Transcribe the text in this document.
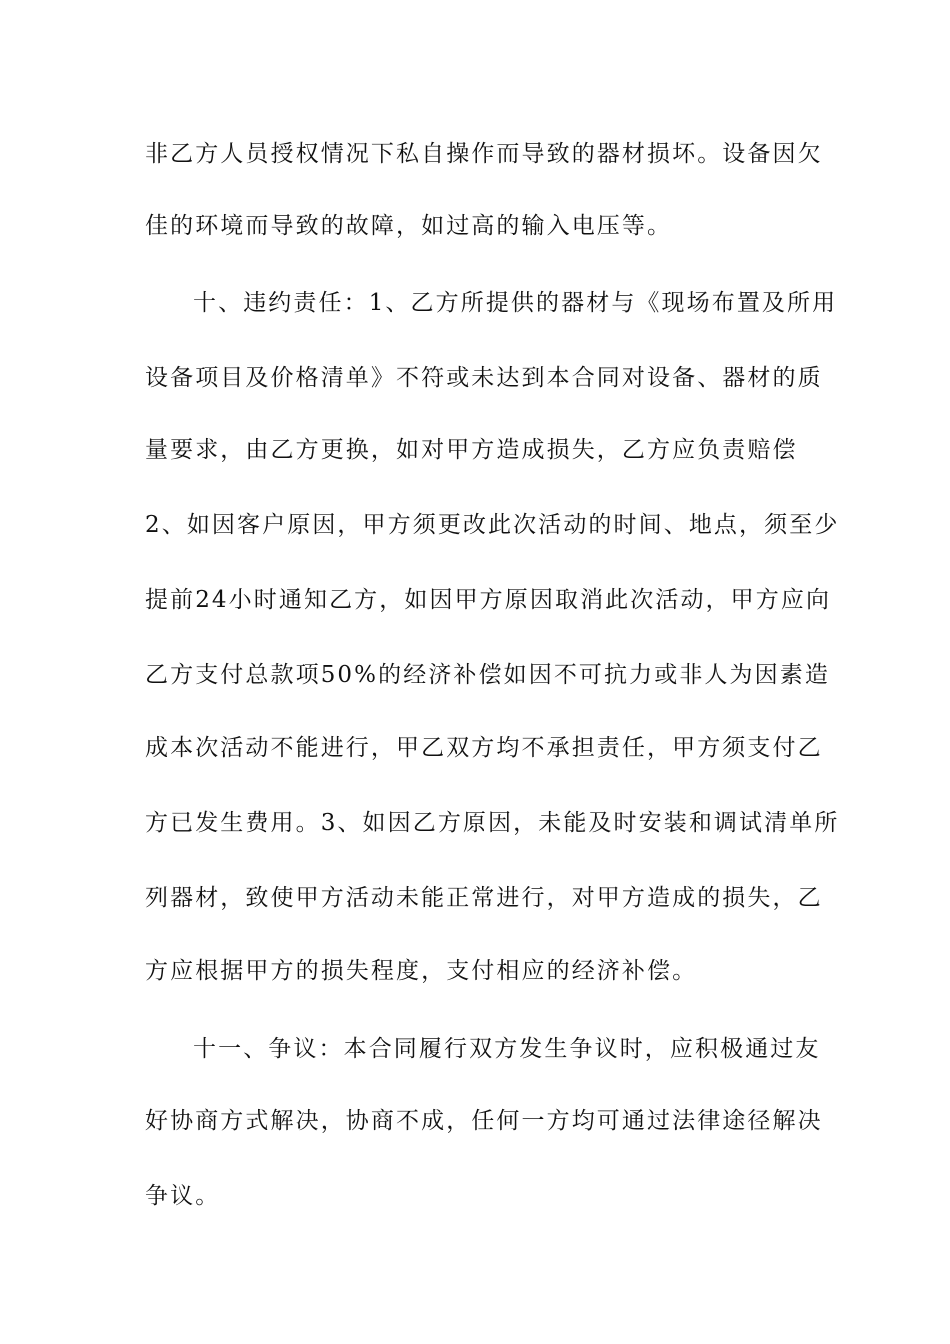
非乙方人员授权情况下私自操作而导致的器材损坏。设备因欠
佳的环境而导致的故障，如过高的输入电压等。
十、违约责任：1、乙方所提供的器材与《现场布置及所用
设备项目及价格清单》不符或未达到本合同对设备、器材的质
量要求，由乙方更换，如对甲方造成损失，乙方应负责赔偿
2、如因客户原因，甲方须更改此次活动的时间、地点，须至少
提前24小时通知乙方，如因甲方原因取消此次活动，甲方应向
乙方支付总款项50%的经济补偿如因不可抗力或非人为因素造
成本次活动不能进行，甲乙双方均不承担责任，甲方须支付乙
方已发生费用。3、如因乙方原因，未能及时安装和调试清单所
列器材，致使甲方活动未能正常进行，对甲方造成的损失，乙
方应根据甲方的损失程度，支付相应的经济补偿。
十一、争议：本合同履行双方发生争议时，应积极通过友
好协商方式解决，协商不成，任何一方均可通过法律途径解决
争议。
